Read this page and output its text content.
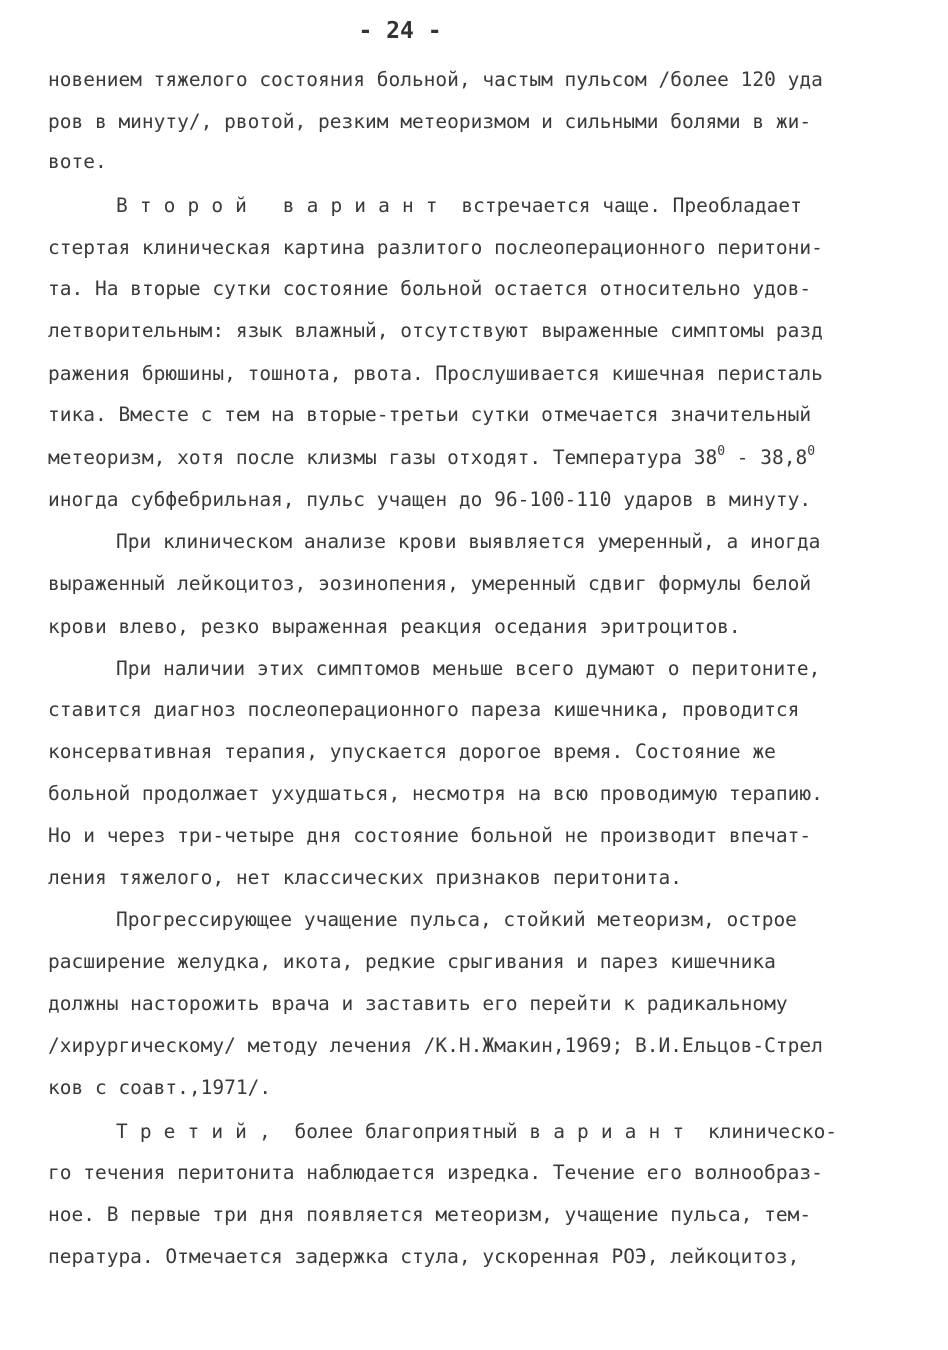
- 24 -

новением тяжелого состояния больной, частым пульсом /более 120 уда

ров в минуту/, рвотой, резким метеоризмом и сильными болями в жи-

воте.

Второй вариант встречается чаще. Преобладает

стертая клиническая картина разлитого послеоперационного перитони-

та. На вторые сутки состояние больной остается относительно удов-

летворительным: язык влажный, отсутствуют выраженные симптомы разд

ражения брюшины, тошнота, рвота. Прослушивается кишечная перисталь

тика. Вместе с тем на вторые-третьи сутки отмечается значительный

метеоризм, хотя после клизмы газы отходят. Температура $38^0 - 38,8^0$

иногда субфебрильная, пульс учащен до 96-100-110 ударов в минуту.

При клиническом анализе крови выявляется умеренный, а иногда

выраженный лейкоцитоз, эозинопения, умеренный сдвиг формулы белой

крови влево, резко выраженная реакция оседания эритроцитов.

При наличии этих симптомов меньше всего думают о перитоните,

ставится диагноз послеоперационного пареза кишечника, проводится

консервативная терапия, упускается дорогое время. Состояние же

больной продолжает ухудшаться, несмотря на всю проводимую терапию.

Но и через три-четыре дня состояние больной не производит впечат-

ления тяжелого, нет классических признаков перитонита.

Прогрессирующее учащение пульса, стойкий метеоризм, острое

расширение желудка, икота, редкие срыгивания и парез кишечника

должны насторожить врача и заставить его перейти к радикальному

/хирургическому/ методу лечения /К.Н.Жмакин,1969; В.И.Ельцов-Стрел

ков с соавт.,1971/.

Третий, более благоприятный вариант клиническо-

го течения перитонита наблюдается изредка. Течение его волнообраз-

ное. В первые три дня появляется метеоризм, учащение пульса, тем-

пература. Отмечается задержка стула, ускоренная РОЭ, лейкоцитоз,
